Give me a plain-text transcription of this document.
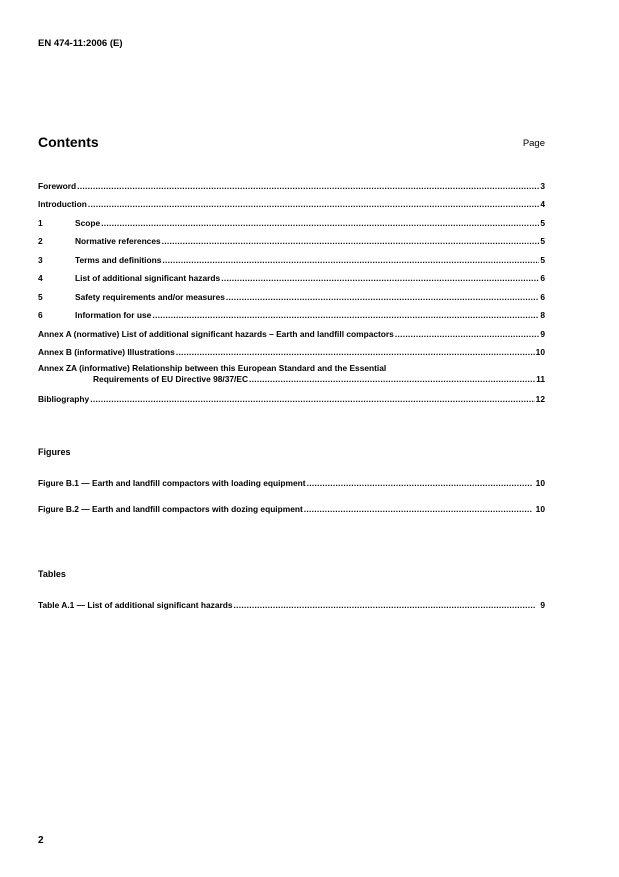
EN 474-11:2006 (E)
Contents	Page
Foreword .....	3
Introduction .....	4
1	Scope .....	5
2	Normative references .....	5
3	Terms and definitions .....	5
4	List of additional significant hazards .....	6
5	Safety requirements and/or measures .....	6
6	Information for use .....	8
Annex A (normative) List of additional significant hazards – Earth and landfill compactors .....	9
Annex B (informative) Illustrations .....	10
Annex ZA (informative) Relationship between this European Standard and the Essential
Requirements of EU Directive 98/37/EC .....	11
Bibliography .....	12
Figures
Figure B.1 — Earth and landfill compactors with loading equipment .....	10
Figure B.2 — Earth and landfill compactors with dozing equipment .....	10
Tables
Table A.1 — List of additional significant hazards .....	9
2
